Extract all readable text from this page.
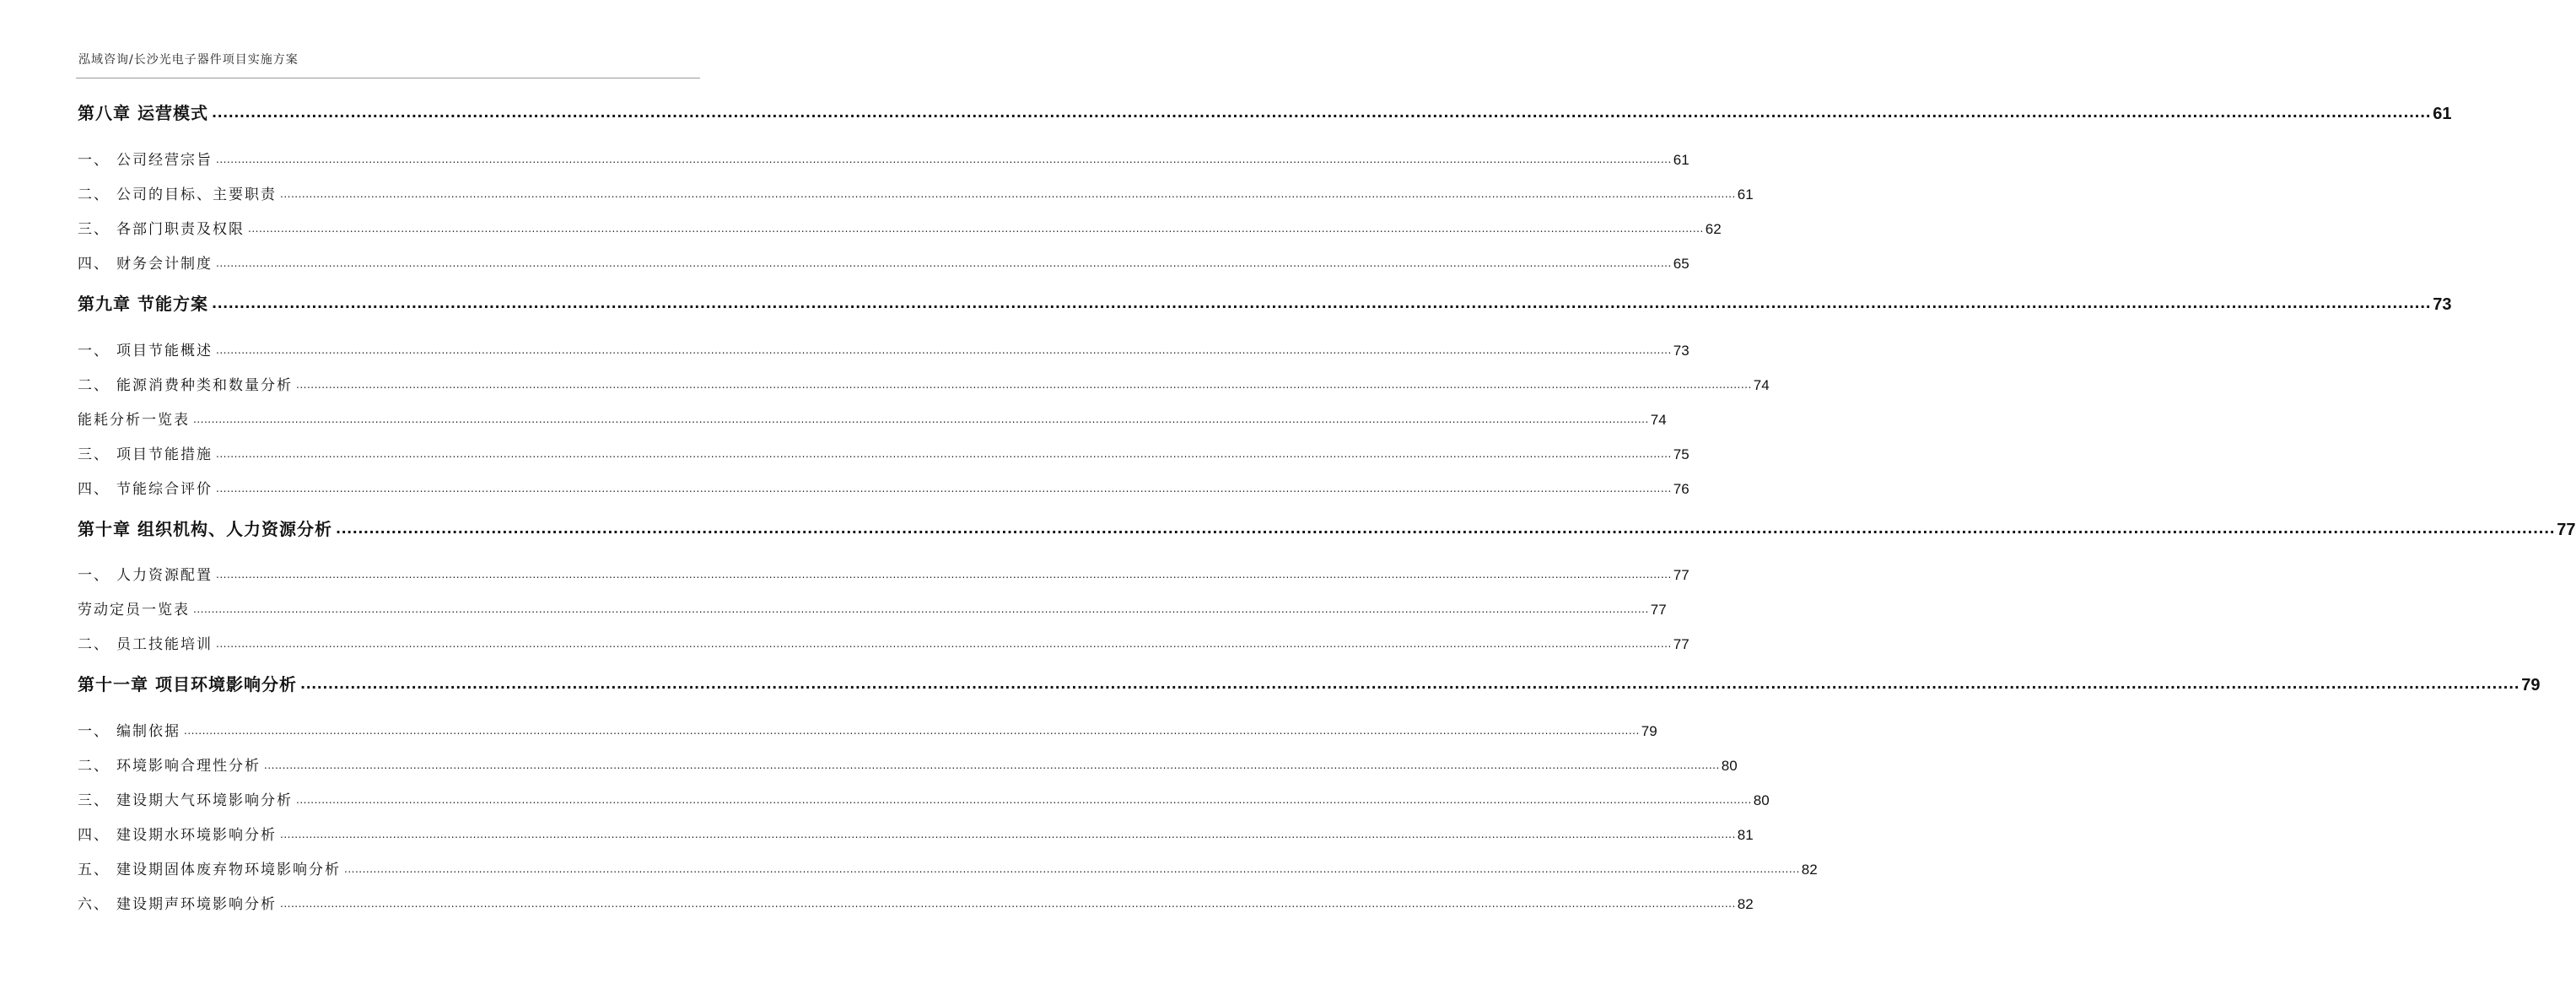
泓域咨询/长沙光电子器件项目实施方案
第八章 运营模式 ................................................................................................................................................................................................................................................................................................................................................................................................................ 61
一、 公司经营宗旨 ................................................................................................................................................................................................................................................................................................................................................................................................................ 61
二、 公司的目标、主要职责 ................................................................................................................................................................................................................................................................................................................................................................................................................ 61
三、 各部门职责及权限 ................................................................................................................................................................................................................................................................................................................................................................................................................ 62
四、 财务会计制度 ................................................................................................................................................................................................................................................................................................................................................................................................................ 65
第九章 节能方案 ................................................................................................................................................................................................................................................................................................................................................................................................................ 73
一、 项目节能概述 ................................................................................................................................................................................................................................................................................................................................................................................................................ 73
二、 能源消费种类和数量分析 ................................................................................................................................................................................................................................................................................................................................................................................................................ 74
能耗分析一览表 ................................................................................................................................................................................................................................................................................................................................................................................................................ 74
三、 项目节能措施 ................................................................................................................................................................................................................................................................................................................................................................................................................ 75
四、 节能综合评价 ................................................................................................................................................................................................................................................................................................................................................................................................................ 76
第十章 组织机构、人力资源分析 ................................................................................................................................................................................................................................................................................................................................................................................................................ 77
一、 人力资源配置 ................................................................................................................................................................................................................................................................................................................................................................................................................ 77
劳动定员一览表 ................................................................................................................................................................................................................................................................................................................................................................................................................ 77
二、 员工技能培训 ................................................................................................................................................................................................................................................................................................................................................................................................................ 77
第十一章 项目环境影响分析 ................................................................................................................................................................................................................................................................................................................................................................................................................ 79
一、 编制依据 ................................................................................................................................................................................................................................................................................................................................................................................................................ 79
二、 环境影响合理性分析 ................................................................................................................................................................................................................................................................................................................................................................................................................ 80
三、 建设期大气环境影响分析 ................................................................................................................................................................................................................................................................................................................................................................................................................ 80
四、 建设期水环境影响分析 ................................................................................................................................................................................................................................................................................................................................................................................................................ 81
五、 建设期固体废弃物环境影响分析 ................................................................................................................................................................................................................................................................................................................................................................................................................ 82
六、 建设期声环境影响分析 ................................................................................................................................................................................................................................................................................................................................................................................................................ 82
